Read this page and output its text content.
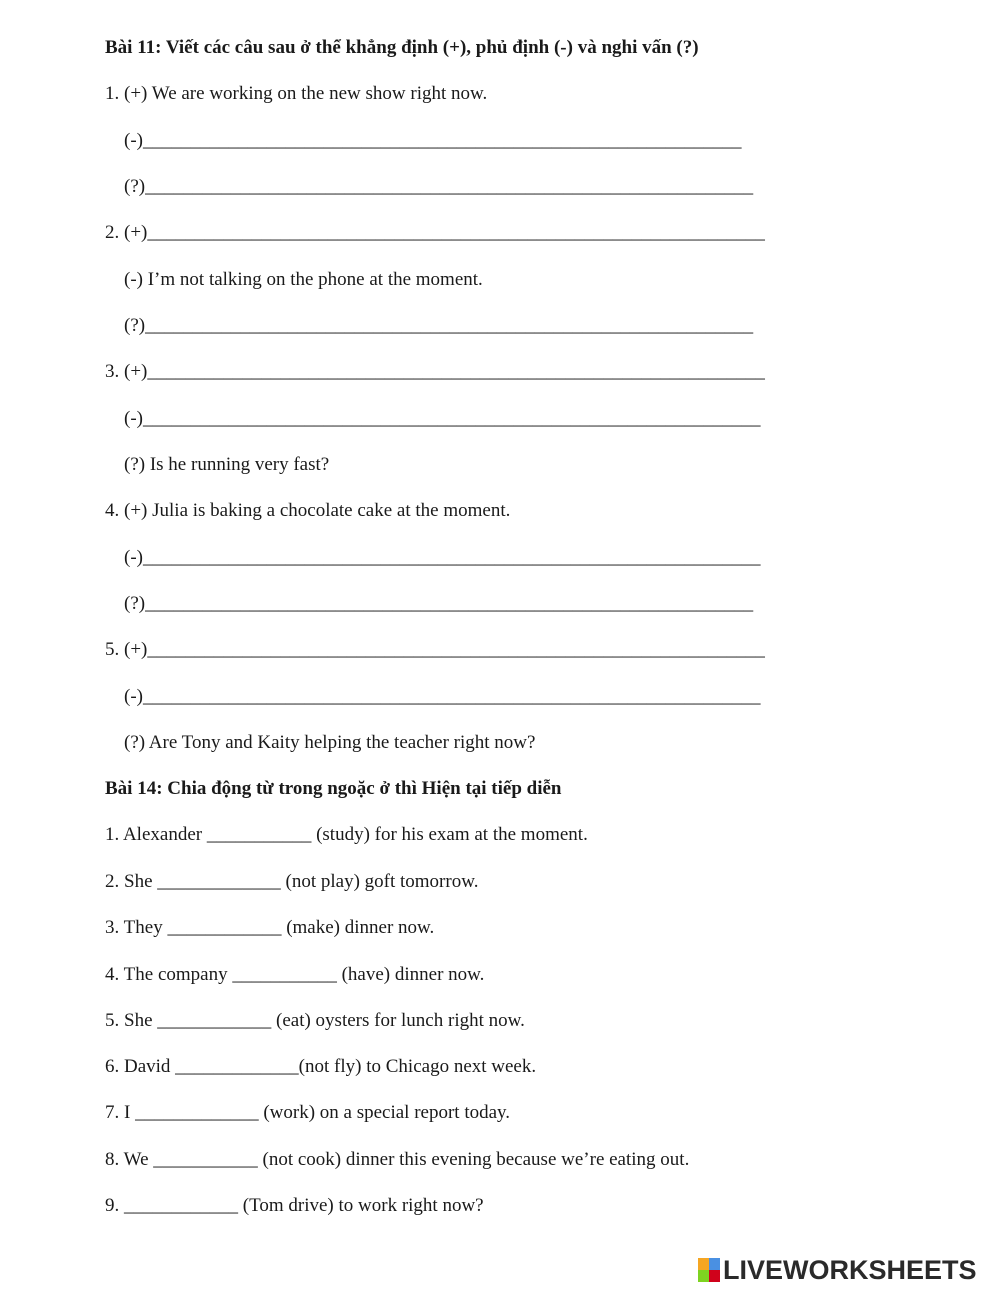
Bài 11: Viết các câu sau ở thể khẳng định (+), phủ định (-) và nghi vấn (?)
1. (+) We are working on the new show right now.
(-)_______________________________________________________________
(?)________________________________________________________________
2. (+)_________________________________________________________________
(-) I’m not talking on the phone at the moment.
(?)________________________________________________________________
3. (+)_________________________________________________________________
(-)_________________________________________________________________
(?) Is he running very fast?
4. (+) Julia is baking a chocolate cake at the moment.
(-)_________________________________________________________________
(?)________________________________________________________________
5. (+)_________________________________________________________________
(-)_________________________________________________________________
(?) Are Tony and Kaity helping the teacher right now?
Bài 14: Chia động từ trong ngoặc ở thì Hiện tại tiếp diễn
1. Alexander ___________ (study) for his exam at the moment.
2. She _____________ (not play) goft tomorrow.
3. They ____________ (make) dinner now.
4. The company ___________ (have) dinner now.
5. She ____________ (eat) oysters for lunch right now.
6. David _____________(not fly) to Chicago next week.
7. I _____________ (work) on a special report today.
8. We ___________ (not cook) dinner this evening because we’re eating out.
9. ____________ (Tom drive) to work right now?
LIVEWORKSHEETS
